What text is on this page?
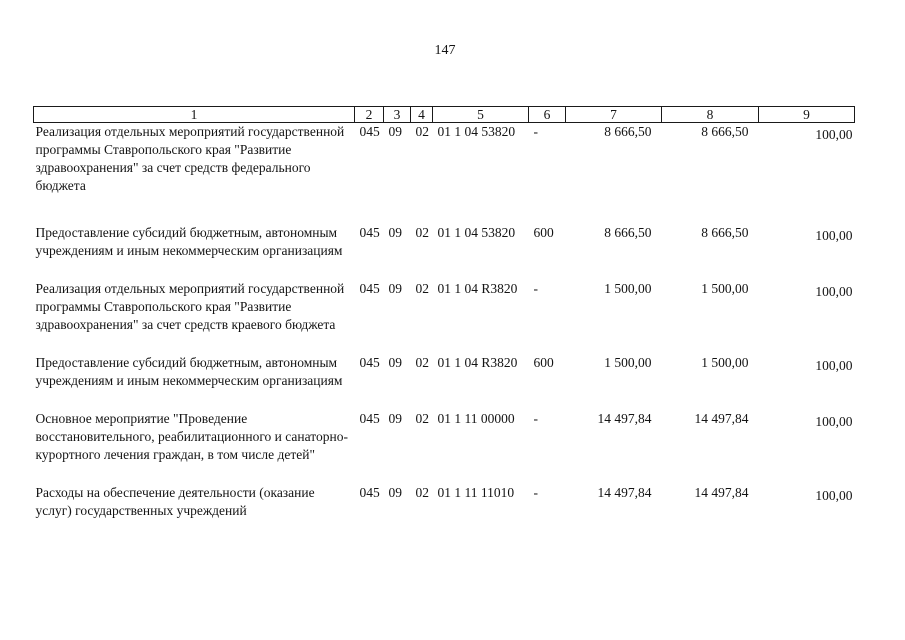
147
1	2	3	4	5	6	7	8	9
Реализация отдельных мероприятий государственной программы Ставропольского края "Развитие здравоохранения" за счет средств федерального бюджета	045	09	02	01 1 04 53820	-	8 666,50	8 666,50	100,00
Предоставление субсидий бюджетным, автономным учреждениям и иным некоммерческим организациям	045	09	02	01 1 04 53820	600	8 666,50	8 666,50	100,00
Реализация отдельных мероприятий государственной программы Ставропольского края "Развитие здравоохранения" за счет средств краевого бюджета	045	09	02	01 1 04 R3820	-	1 500,00	1 500,00	100,00
Предоставление субсидий бюджетным, автономным учреждениям и иным некоммерческим организациям	045	09	02	01 1 04 R3820	600	1 500,00	1 500,00	100,00
Основное мероприятие "Проведение восстановительного, реабилитационного и санаторно-курортного лечения граждан, в том числе детей"	045	09	02	01 1 11 00000	-	14 497,84	14 497,84	100,00
Расходы на обеспечение деятельности (оказание услуг) государственных учреждений	045	09	02	01 1 11 11010	-	14 497,84	14 497,84	100,00
